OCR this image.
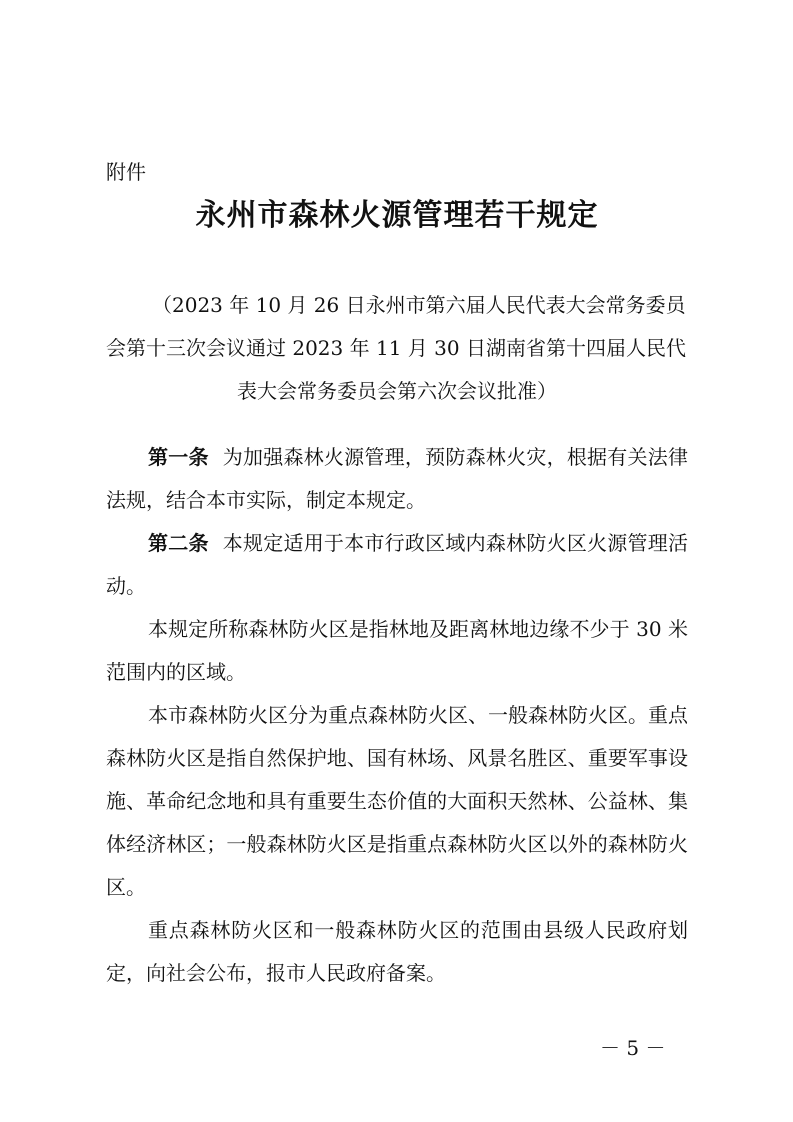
附件
永州市森林火源管理若干规定
（2023 年 10 月 26 日永州市第六届人民代表大会常务委员
会第十三次会议通过 2023 年 11 月 30 日湖南省第十四届人民代
表大会常务委员会第六次会议批准）

第一条 为加强森林火源管理，预防森林火灾，根据有关法律法规，结合本市实际，制定本规定。

第二条 本规定适用于本市行政区域内森林防火区火源管理活动。

本规定所称森林防火区是指林地及距离林地边缘不少于 30 米范围内的区域。

本市森林防火区分为重点森林防火区、一般森林防火区。重点森林防火区是指自然保护地、国有林场、风景名胜区、重要军事设施、革命纪念地和具有重要生态价值的大面积天然林、公益林、集体经济林区；一般森林防火区是指重点森林防火区以外的森林防火区。

重点森林防火区和一般森林防火区的范围由县级人民政府划定，向社会公布，报市人民政府备案。

－ 5 －
